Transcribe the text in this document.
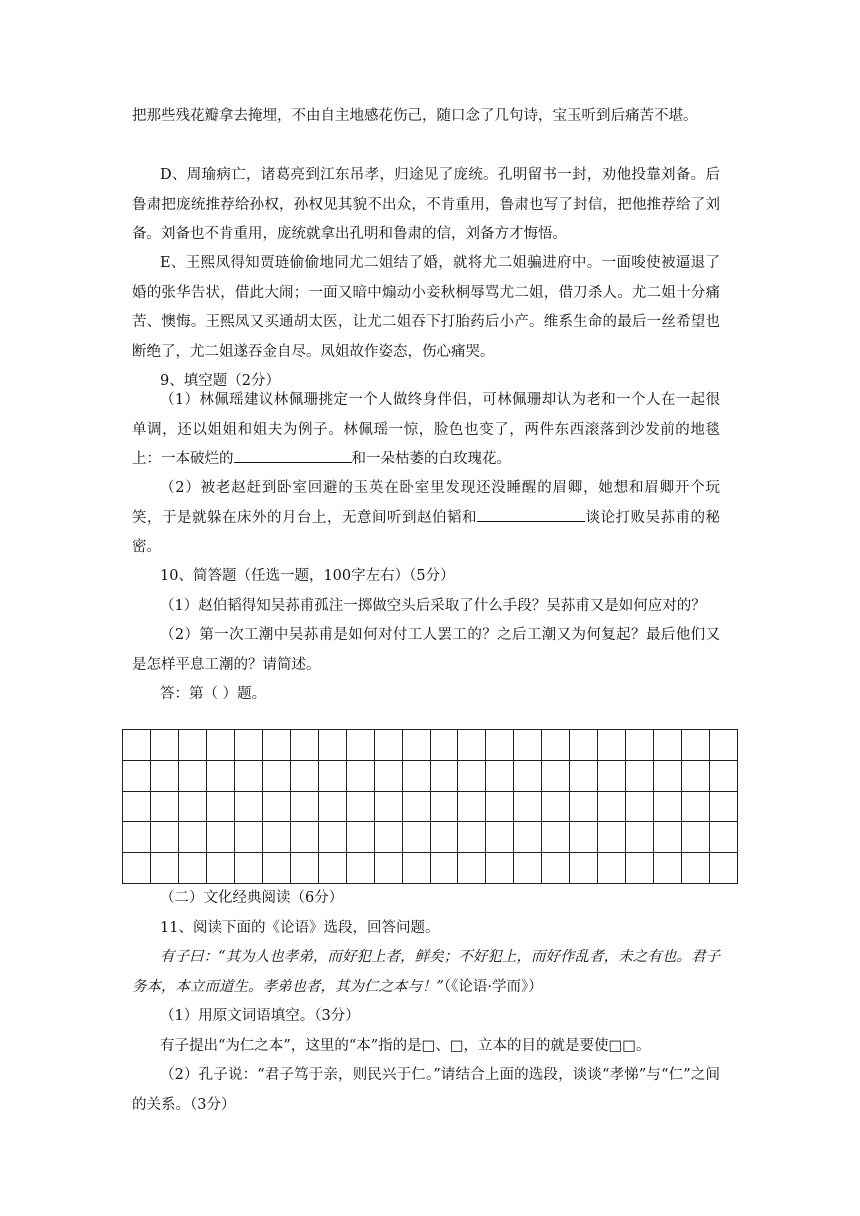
把那些残花瓣拿去掩埋，不由自主地感花伤己，随口念了几句诗，宝玉听到后痛苦不堪。

D、周瑜病亡，诸葛亮到江东吊孝，归途见了庞统。孔明留书一封，劝他投靠刘备。后鲁肃把庞统推荐给孙权，孙权见其貌不出众，不肯重用，鲁肃也写了封信，把他推荐给了刘备。刘备也不肯重用，庞统就拿出孔明和鲁肃的信，刘备方才悔悟。

E、王熙凤得知贾琏偷偷地同尤二姐结了婚，就将尤二姐骗进府中。一面唆使被逼退了婚的张华告状，借此大闹；一面又暗中煽动小妾秋桐辱骂尤二姐，借刀杀人。尤二姐十分痛苦、懊悔。王熙凤又买通胡太医，让尤二姐吞下打胎药后小产。维系生命的最后一丝希望也断绝了，尤二姐遂吞金自尽。凤姐故作姿态，伤心痛哭。

9、填空题（2分）

（1）林佩瑶建议林佩珊挑定一个人做终身伴侣，可林佩珊却认为老和一个人在一起很单调，还以姐姐和姐夫为例子。林佩瑶一惊，脸色也变了，两件东西滚落到沙发前的地毯上：一本破烂的	和一朵枯萎的白玫瑰花。

（2）被老赵赶到卧室回避的玉英在卧室里发现还没睡醒的眉卿，她想和眉卿开个玩笑，于是就躲在床外的月台上，无意间听到赵伯韬和	谈论打败吴荪甫的秘密。

10、简答题（任选一题，100字左右）（5分）

（1）赵伯韬得知吴荪甫孤注一掷做空头后采取了什么手段？吴荪甫又是如何应对的？

（2）第一次工潮中吴荪甫是如何对付工人罢工的？之后工潮又为何复起？最后他们又是怎样平息工潮的？请简述。

答：第（ ）题。

（二）文化经典阅读（6分）

11、阅读下面的《论语》选段，回答问题。

有子曰：“其为人也孝弟，而好犯上者，鲜矣；不好犯上，而好作乱者，未之有也。君子务本，本立而道生。孝弟也者，其为仁之本与！”（《论语·学而》）

（1）用原文词语填空。（3分）

有子提出“为仁之本”，这里的“本”指的是□、□，立本的目的就是要使□□。

（2）孔子说：“君子笃于亲，则民兴于仁。”请结合上面的选段，谈谈“孝悌”与“仁”之间的关系。（3分）
